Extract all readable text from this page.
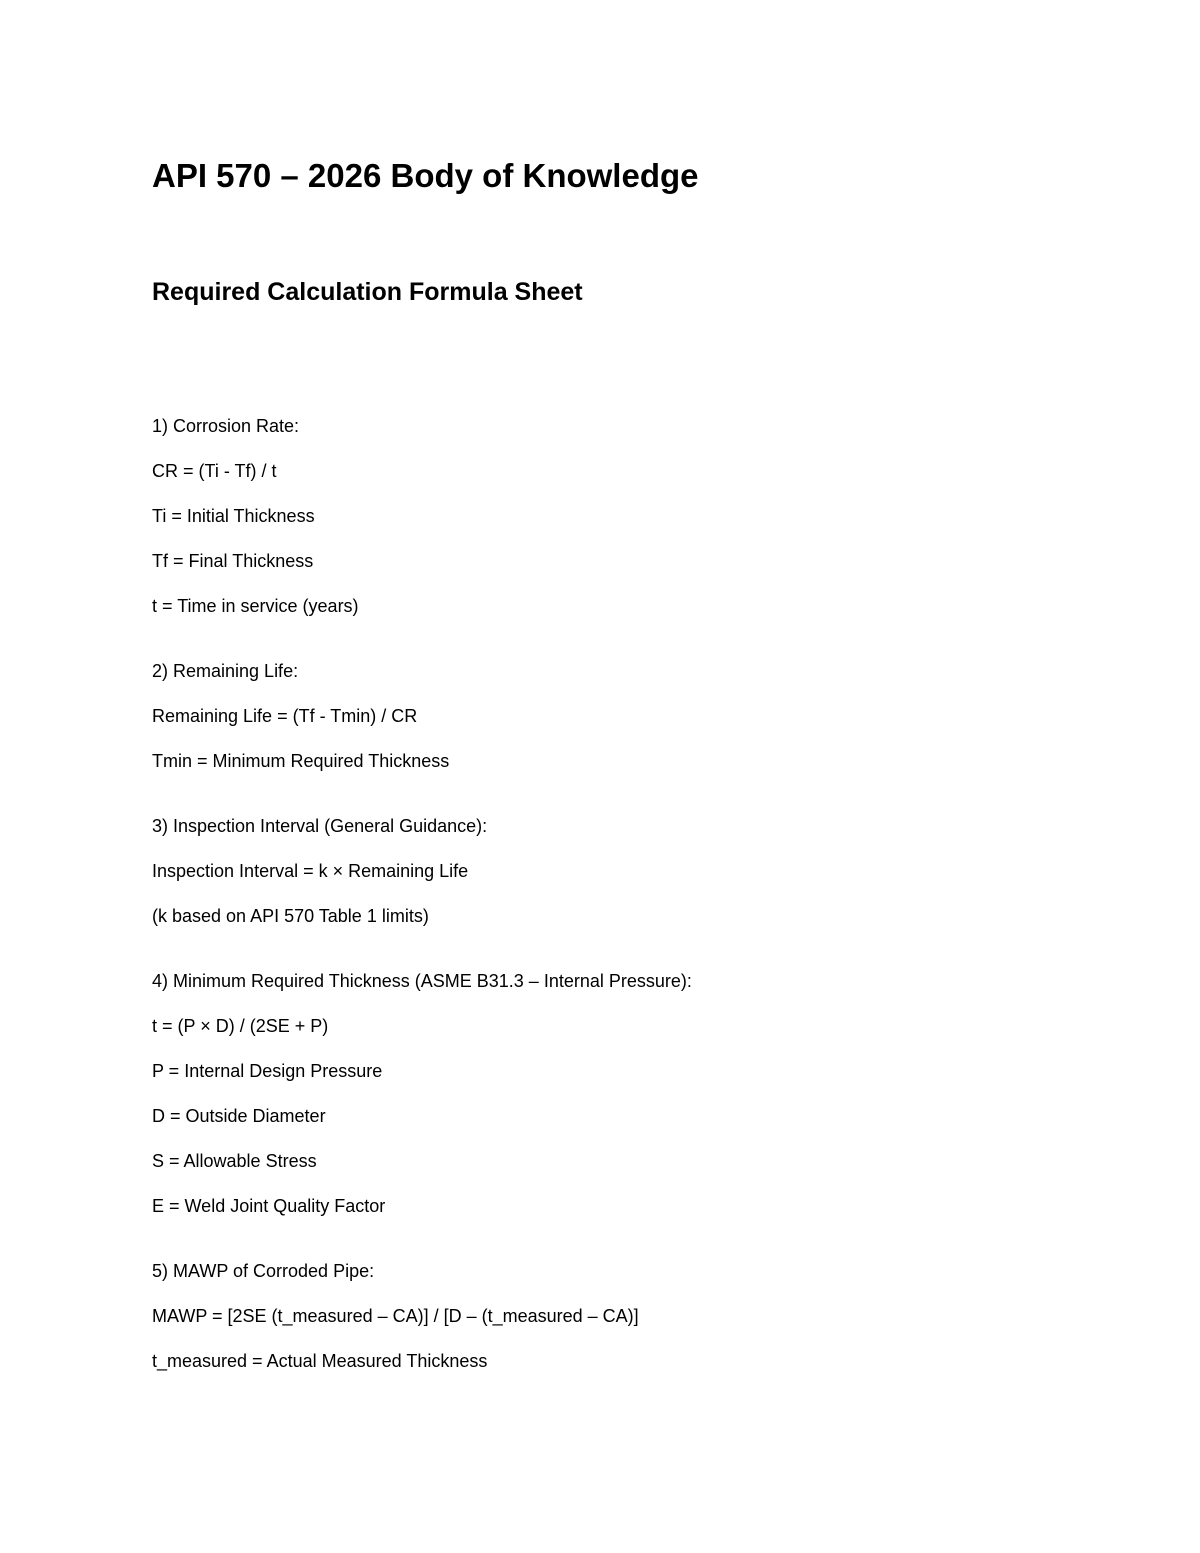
API 570 – 2026 Body of Knowledge
Required Calculation Formula Sheet

1) Corrosion Rate:

CR = (Ti - Tf) / t

Ti = Initial Thickness

Tf = Final Thickness

t = Time in service (years)

2) Remaining Life:

Remaining Life = (Tf - Tmin) / CR

Tmin = Minimum Required Thickness

3) Inspection Interval (General Guidance):

Inspection Interval = k × Remaining Life

(k based on API 570 Table 1 limits)

4) Minimum Required Thickness (ASME B31.3 – Internal Pressure):

t = (P × D) / (2SE + P)

P = Internal Design Pressure

D = Outside Diameter

S = Allowable Stress

E = Weld Joint Quality Factor

5) MAWP of Corroded Pipe:

MAWP = [2SE (t_measured – CA)] / [D – (t_measured – CA)]

t_measured = Actual Measured Thickness
